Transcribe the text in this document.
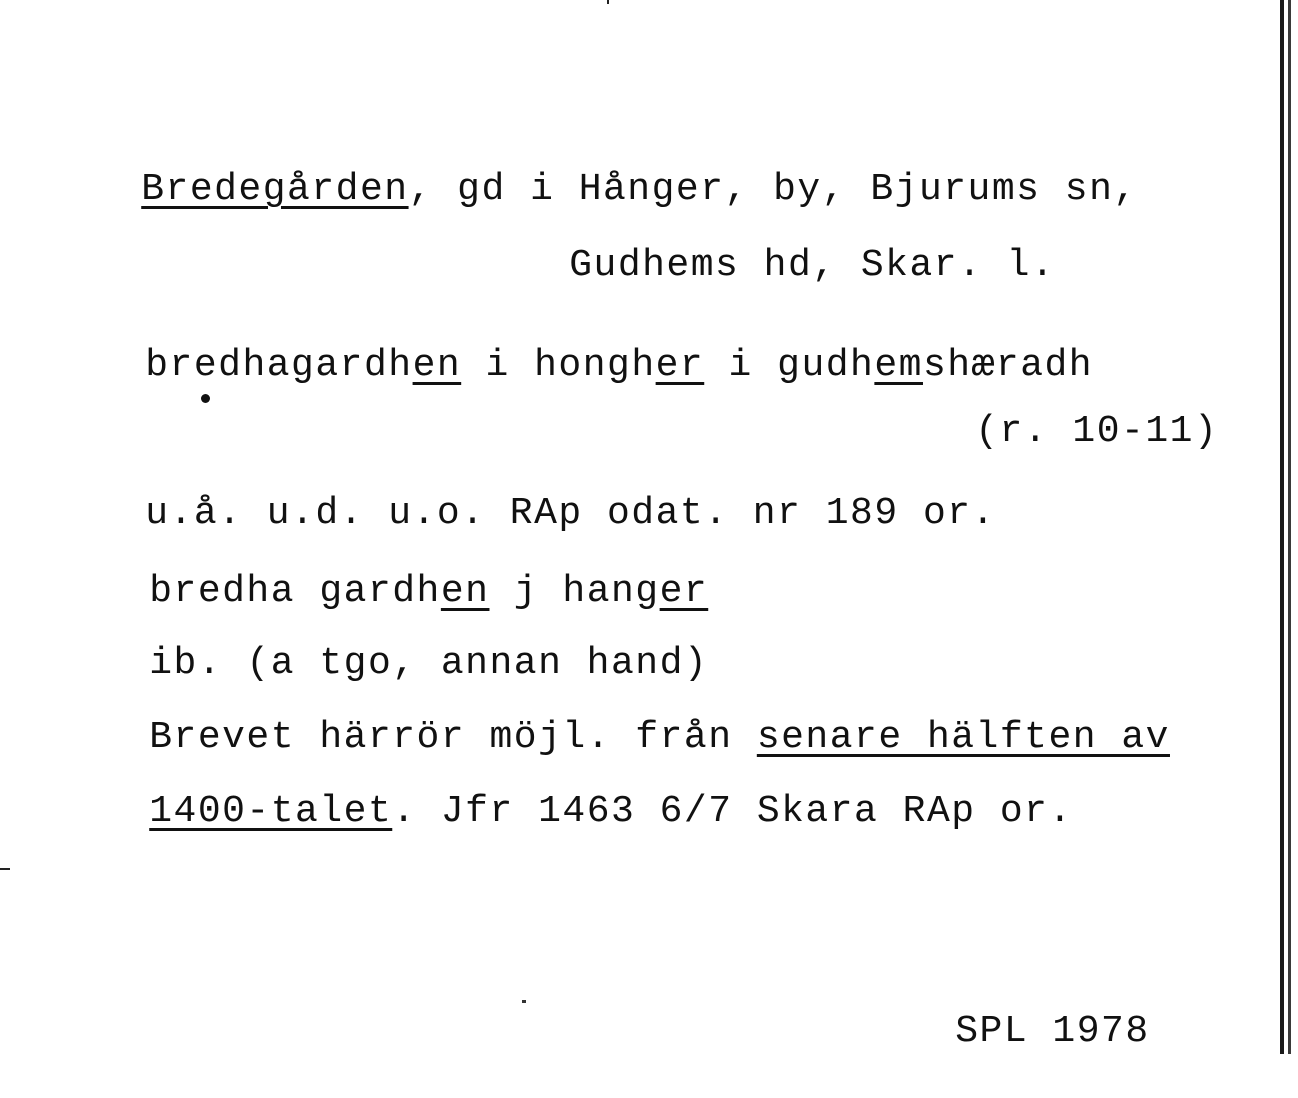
Bredegården, gd i Hånger, by, Bjurums sn,

Gudhems hd, Skar. l.

bredhagardhen i hongher i gudhemshæradh

(r. 10-11)

u.å. u.d. u.o. RAp odat. nr 189 or.

bredha gardhen j hanger

ib. (a tgo, annan hand)

Brevet härrör möjl. från senare hälften av

1400-talet. Jfr 1463 6/7 Skara RAp or.

SPL 1978
